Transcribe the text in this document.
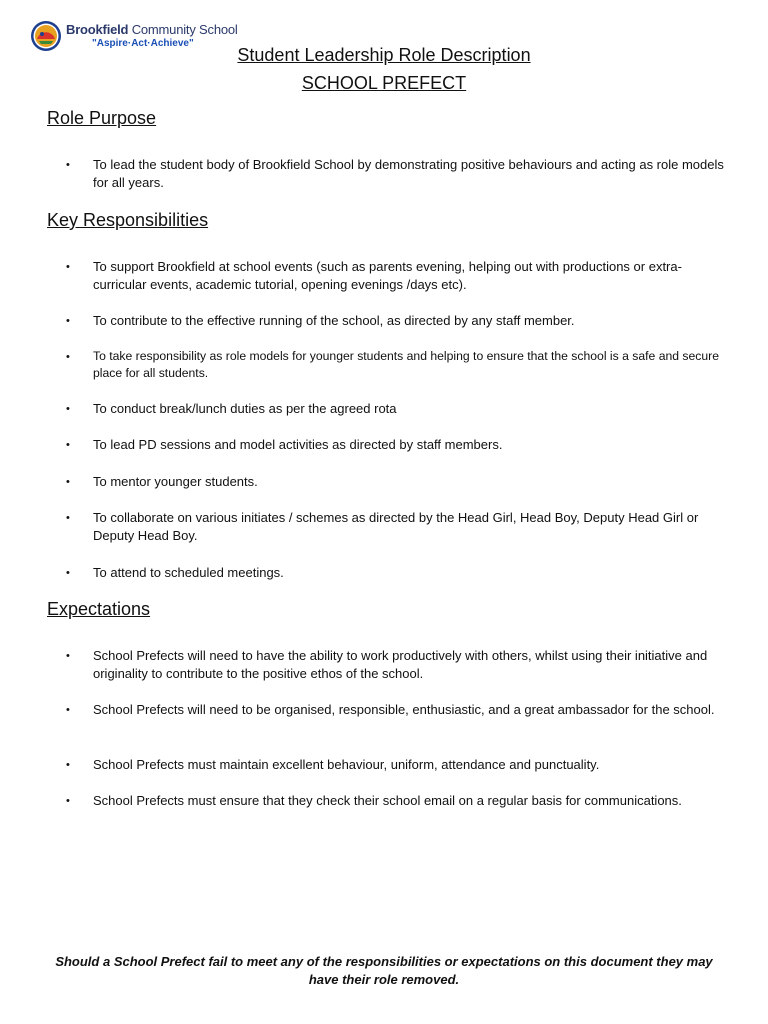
Brookfield Community School
"Aspire·Act·Achieve"
Student Leadership Role Description
SCHOOL PREFECT
Role Purpose
• To lead the student body of Brookfield School by demonstrating positive behaviours and acting as role models for all years.
Key Responsibilities
• To support Brookfield at school events (such as parents evening, helping out with productions or extra-curricular events, academic tutorial, opening evenings /days etc).
• To contribute to the effective running of the school, as directed by any staff member.
• To take responsibility as role models for younger students and helping to ensure that the school is a safe and secure place for all students.
• To conduct break/lunch duties as per the agreed rota
• To lead PD sessions and model activities as directed by staff members.
• To mentor younger students.
• To collaborate on various initiates / schemes as directed by the Head Girl, Head Boy, Deputy Head Girl or Deputy Head Boy.
• To attend to scheduled meetings.
Expectations
• School Prefects will need to have the ability to work productively with others, whilst using their initiative and originality to contribute to the positive ethos of the school.
• School Prefects will need to be organised, responsible, enthusiastic, and a great ambassador for the school.
• School Prefects must maintain excellent behaviour, uniform, attendance and punctuality.
• School Prefects must ensure that they check their school email on a regular basis for communications.
Should a School Prefect fail to meet any of the responsibilities or expectations on this document they may have their role removed.
